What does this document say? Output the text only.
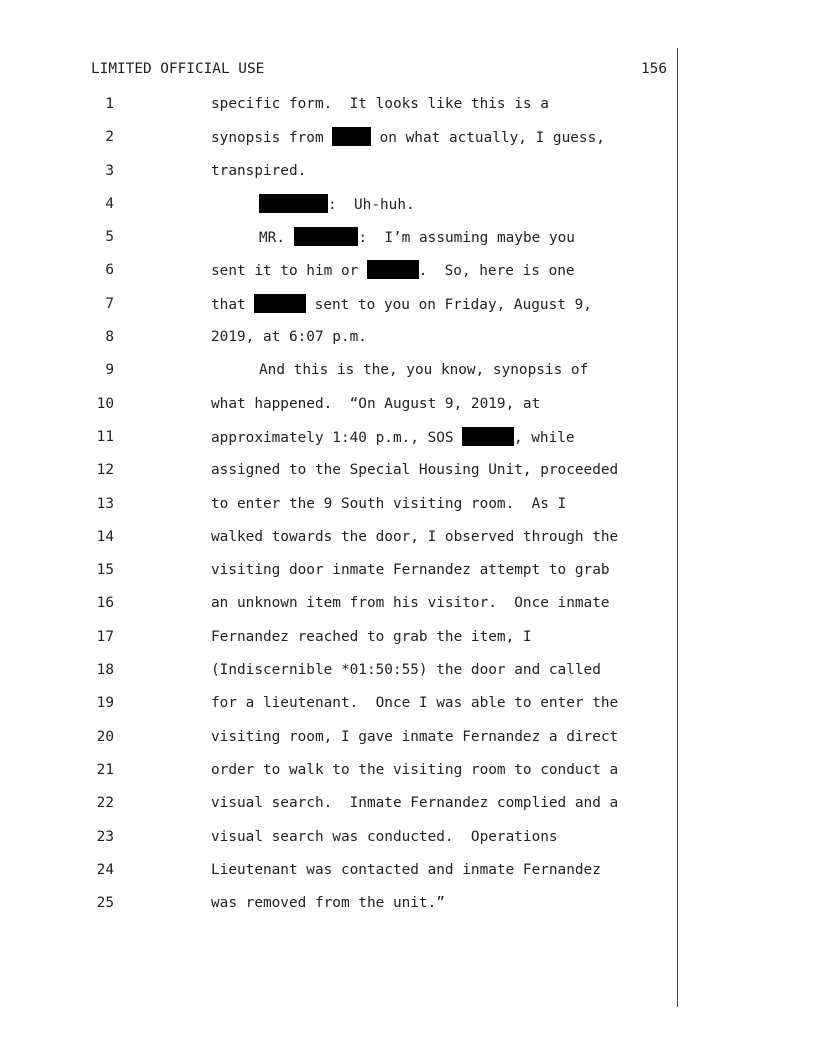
LIMITED OFFICIAL USE	156
1	specific form.  It looks like this is a
2	synopsis from	on what actually, I guess,
3	transpired.
4	:  Uh-huh.
5	MR.	:  I’m assuming maybe you
6	sent it to him or	.  So, here is one
7	that	sent to you on Friday, August 9,
8	2019, at 6:07 p.m.
9	And this is the, you know, synopsis of
10	what happened.  “On August 9, 2019, at
11	approximately 1:40 p.m., SOS	, while
12	assigned to the Special Housing Unit, proceeded
13	to enter the 9 South visiting room.  As I
14	walked towards the door, I observed through the
15	visiting door inmate Fernandez attempt to grab
16	an unknown item from his visitor.  Once inmate
17	Fernandez reached to grab the item, I
18	(Indiscernible *01:50:55) the door and called
19	for a lieutenant.  Once I was able to enter the
20	visiting room, I gave inmate Fernandez a direct
21	order to walk to the visiting room to conduct a
22	visual search.  Inmate Fernandez complied and a
23	visual search was conducted.  Operations
24	Lieutenant was contacted and inmate Fernandez
25	was removed from the unit.”
